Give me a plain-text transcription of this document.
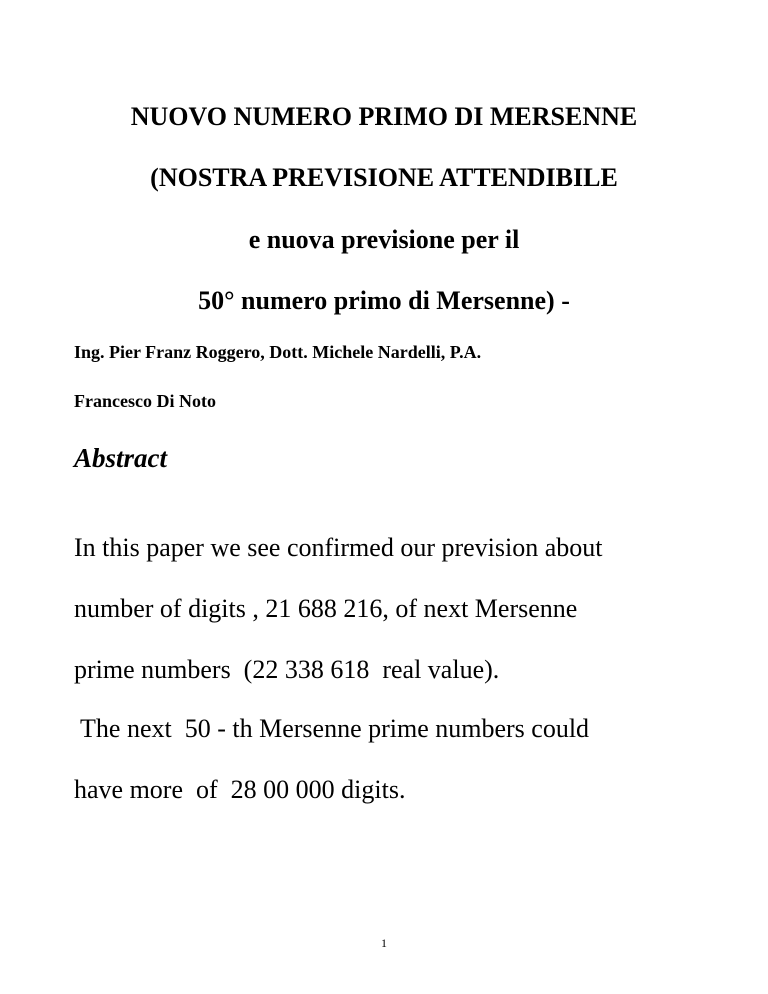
NUOVO NUMERO PRIMO DI MERSENNE
(NOSTRA PREVISIONE ATTENDIBILE
e nuova previsione per il
50° numero primo di Mersenne) -

Ing. Pier Franz Roggero, Dott. Michele Nardelli, P.A.

Francesco Di Noto

Abstract

In this paper we see confirmed our prevision about

number of digits , 21 688 216, of next Mersenne

prime numbers  (22 338 618  real value).

The next  50 - th Mersenne prime numbers could

have more  of  28 00 000 digits.

1
